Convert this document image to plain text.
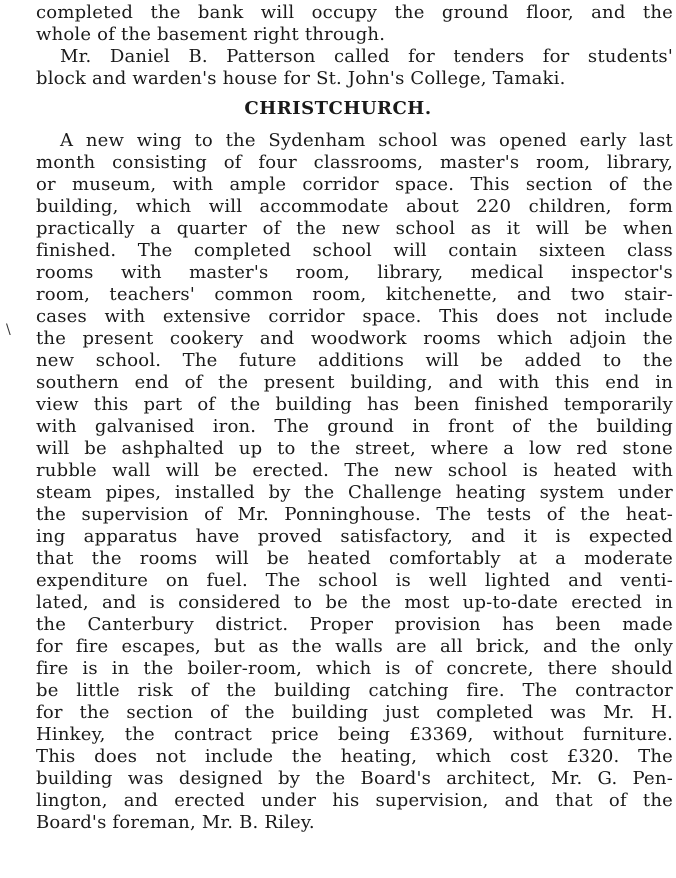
completed the bank will occupy the ground floor, and the
whole of the basement right through.
Mr. Daniel B. Patterson called for tenders for students'
block and warden's house for St. John's College, Tamaki.
CHRISTCHURCH.
\
A new wing to the Sydenham school was opened early last
month consisting of four classrooms, master's room, library,
or museum, with ample corridor space. This section of the
building, which will accommodate about 220 children, form
practically a quarter of the new school as it will be when
finished. The completed school will contain sixteen class
rooms with master's room, library, medical inspector's
room, teachers' common room, kitchenette, and two stair-
cases with extensive corridor space. This does not include
the present cookery and woodwork rooms which adjoin the
new school. The future additions will be added to the
southern end of the present building, and with this end in
view this part of the building has been finished temporarily
with galvanised iron. The ground in front of the building
will be ashphalted up to the street, where a low red stone
rubble wall will be erected. The new school is heated with
steam pipes, installed by the Challenge heating system under
the supervision of Mr. Ponninghouse. The tests of the heat-
ing apparatus have proved satisfactory, and it is expected
that the rooms will be heated comfortably at a moderate
expenditure on fuel. The school is well lighted and venti-
lated, and is considered to be the most up-to-date erected in
the Canterbury district. Proper provision has been made
for fire escapes, but as the walls are all brick, and the only
fire is in the boiler-room, which is of concrete, there should
be little risk of the building catching fire. The contractor
for the section of the building just completed was Mr. H.
Hinkey, the contract price being £3369, without furniture.
This does not include the heating, which cost £320. The
building was designed by the Board's architect, Mr. G. Pen-
lington, and erected under his supervision, and that of the
Board's foreman, Mr. B. Riley.
